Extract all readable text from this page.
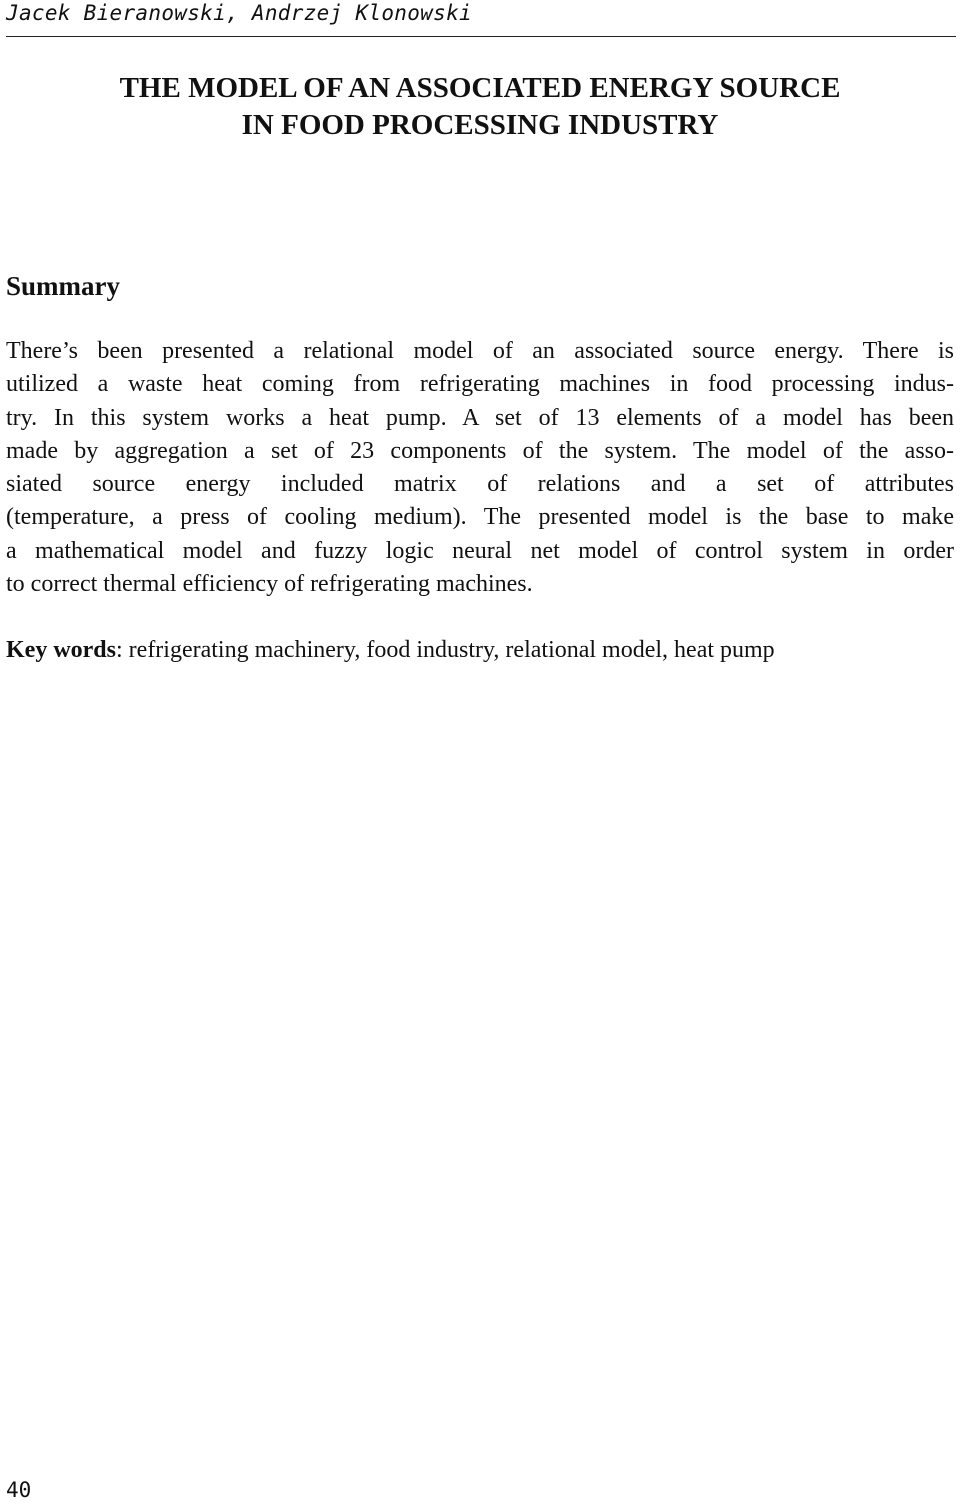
Jacek Bieranowski, Andrzej Klonowski
THE MODEL OF AN ASSOCIATED ENERGY SOURCE
IN FOOD PROCESSING INDUSTRY
Summary
There’s been presented a relational model of an associated source energy. There is
utilized a waste heat coming from refrigerating machines in food processing indus-
try. In this system works a heat pump. A set of 13 elements of a model has been
made by aggregation a set of 23 components of the system. The model of the asso-
siated source energy included matrix of relations and a set of attributes
(temperature, a press of cooling medium). The presented model is the base to make
a mathematical model and fuzzy logic neural net model of control system in order
to correct thermal efficiency of refrigerating machines.
Key words: refrigerating machinery, food industry, relational model, heat pump
40
